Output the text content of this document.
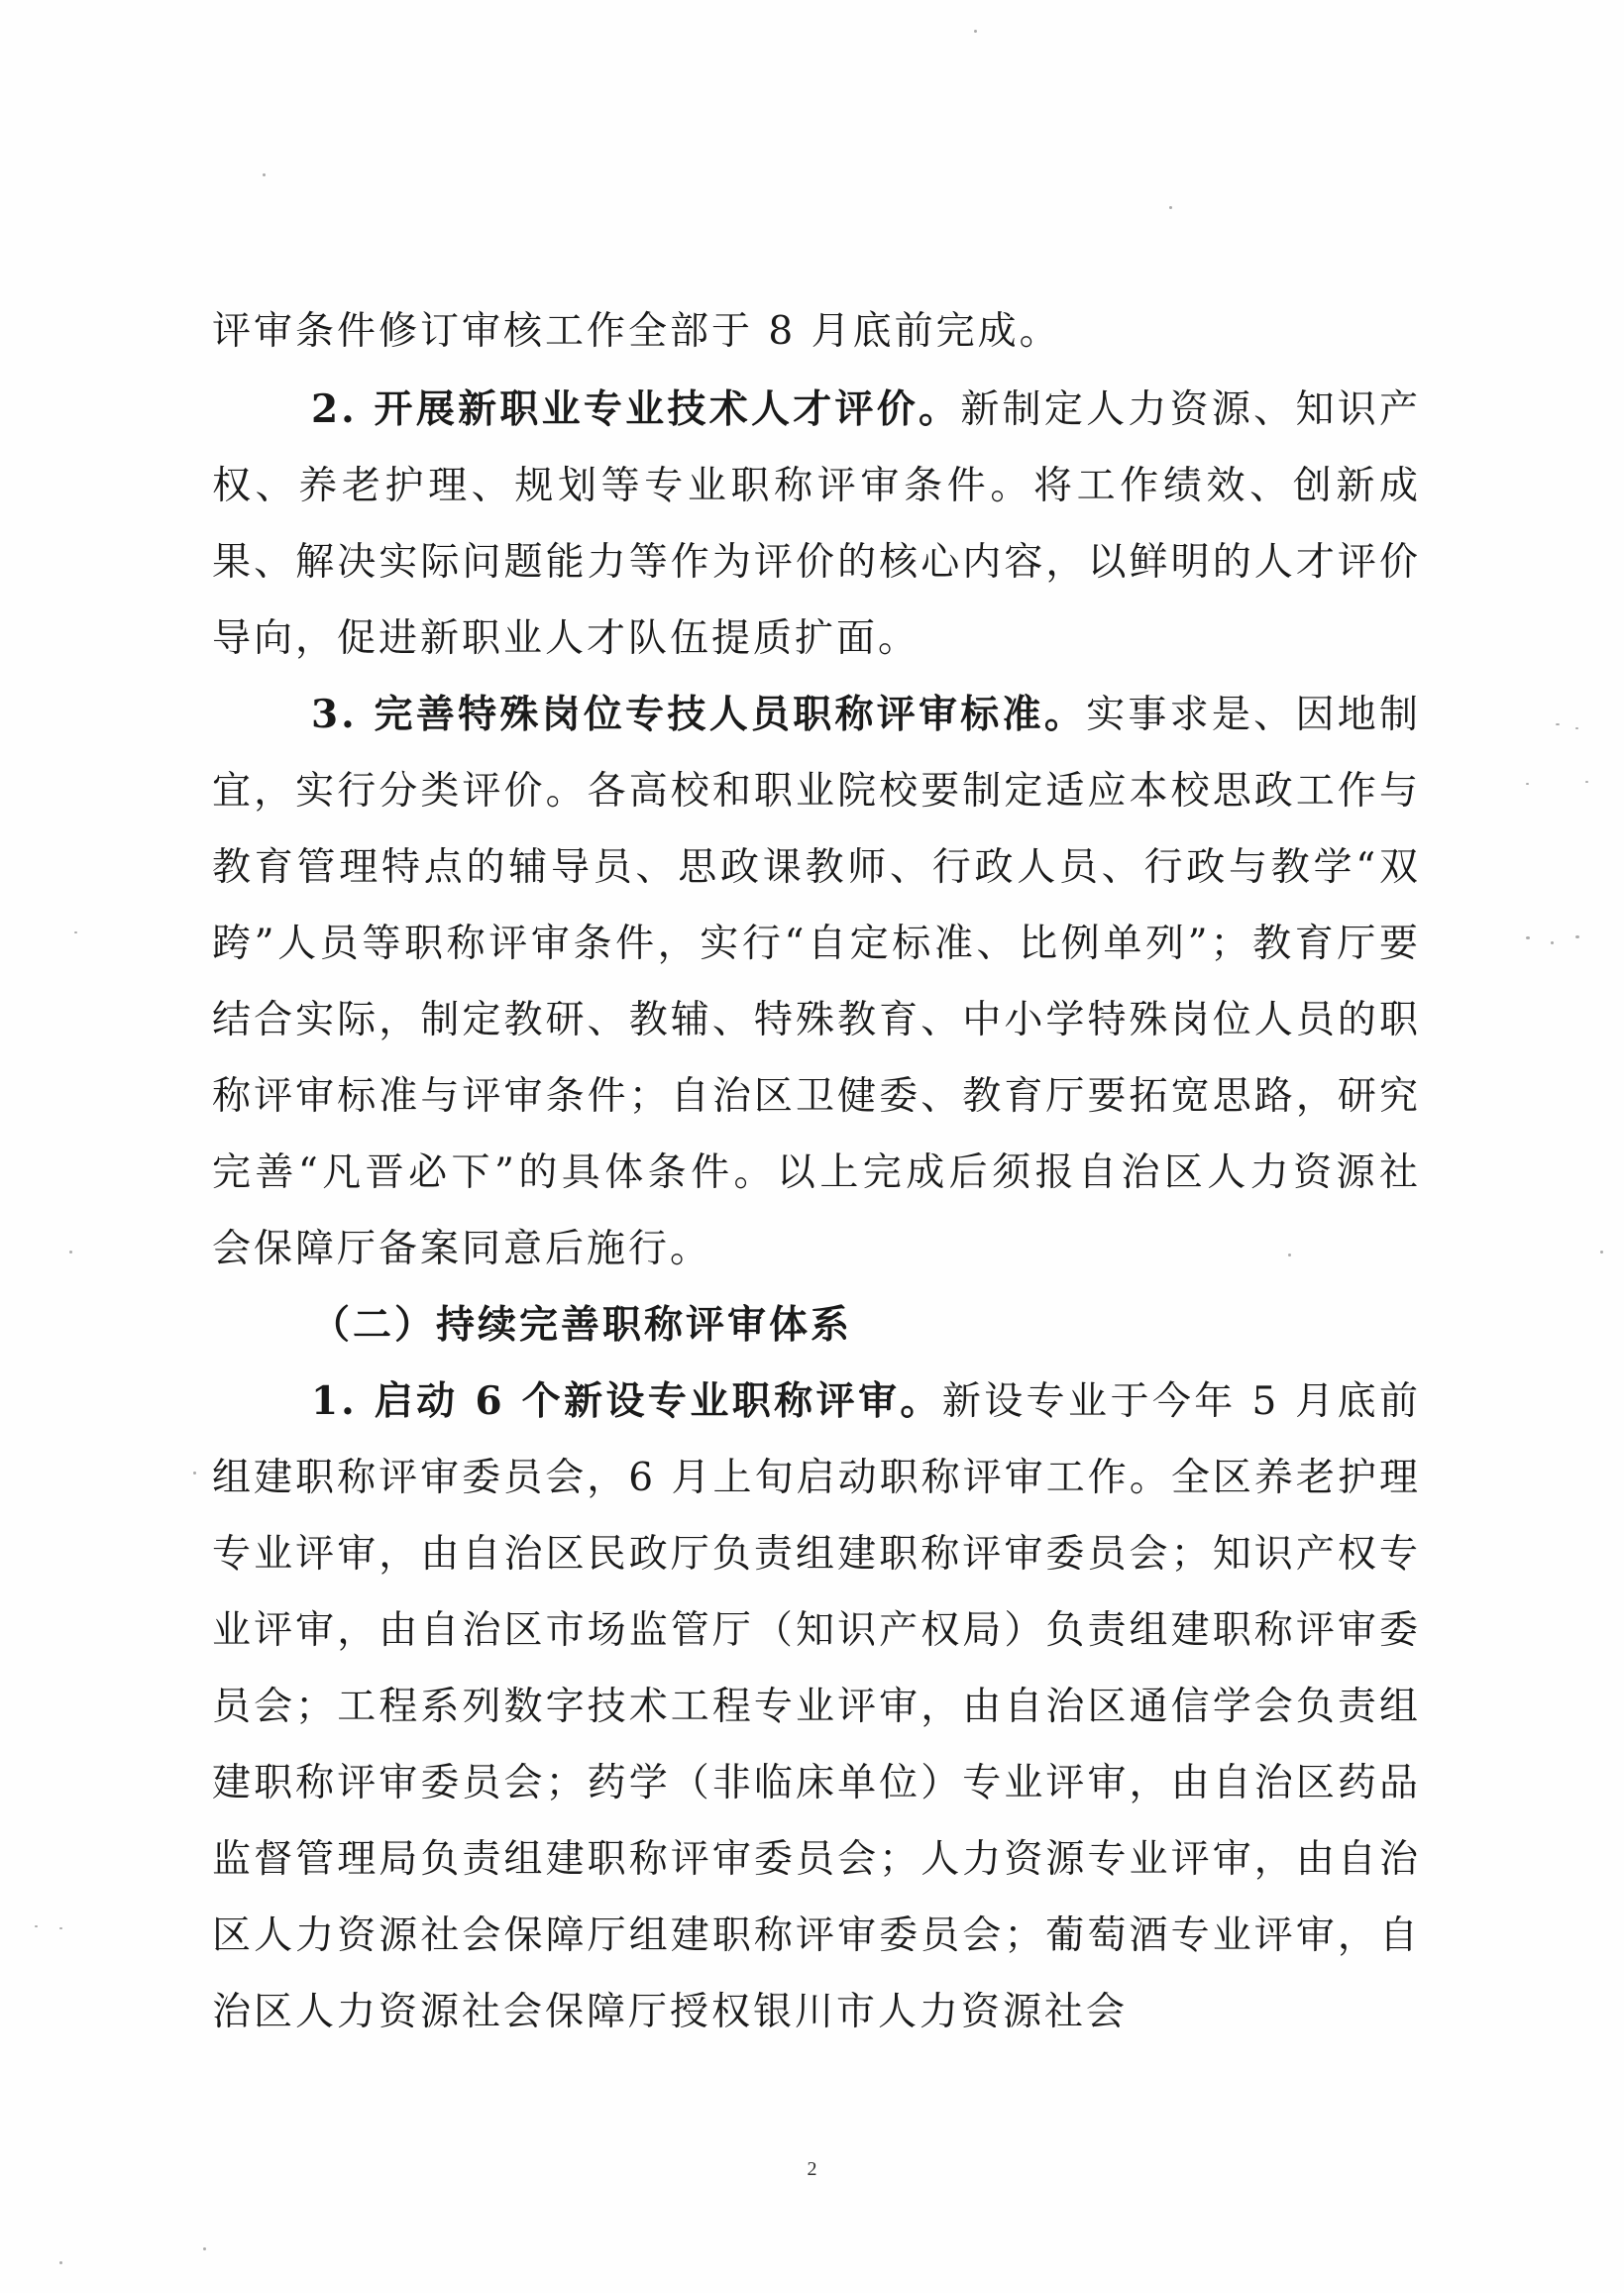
评审条件修订审核工作全部于 8 月底前完成。

2. 开展新职业专业技术人才评价。新制定人力资源、知识产权、养老护理、规划等专业职称评审条件。将工作绩效、创新成果、解决实际问题能力等作为评价的核心内容，以鲜明的人才评价导向，促进新职业人才队伍提质扩面。

3. 完善特殊岗位专技人员职称评审标准。实事求是、因地制宜，实行分类评价。各高校和职业院校要制定适应本校思政工作与教育管理特点的辅导员、思政课教师、行政人员、行政与教学“双跨”人员等职称评审条件，实行“自定标准、比例单列”；教育厅要结合实际，制定教研、教辅、特殊教育、中小学特殊岗位人员的职称评审标准与评审条件；自治区卫健委、教育厅要拓宽思路，研究完善“凡晋必下”的具体条件。以上完成后须报自治区人力资源社会保障厅备案同意后施行。

（二）持续完善职称评审体系

1. 启动 6 个新设专业职称评审。新设专业于今年 5 月底前组建职称评审委员会，6 月上旬启动职称评审工作。全区养老护理专业评审，由自治区民政厅负责组建职称评审委员会；知识产权专业评审，由自治区市场监管厅（知识产权局）负责组建职称评审委员会；工程系列数字技术工程专业评审，由自治区通信学会负责组建职称评审委员会；药学（非临床单位）专业评审，由自治区药品监督管理局负责组建职称评审委员会；人力资源专业评审，由自治区人力资源社会保障厅组建职称评审委员会；葡萄酒专业评审，自治区人力资源社会保障厅授权银川市人力资源社会

2
